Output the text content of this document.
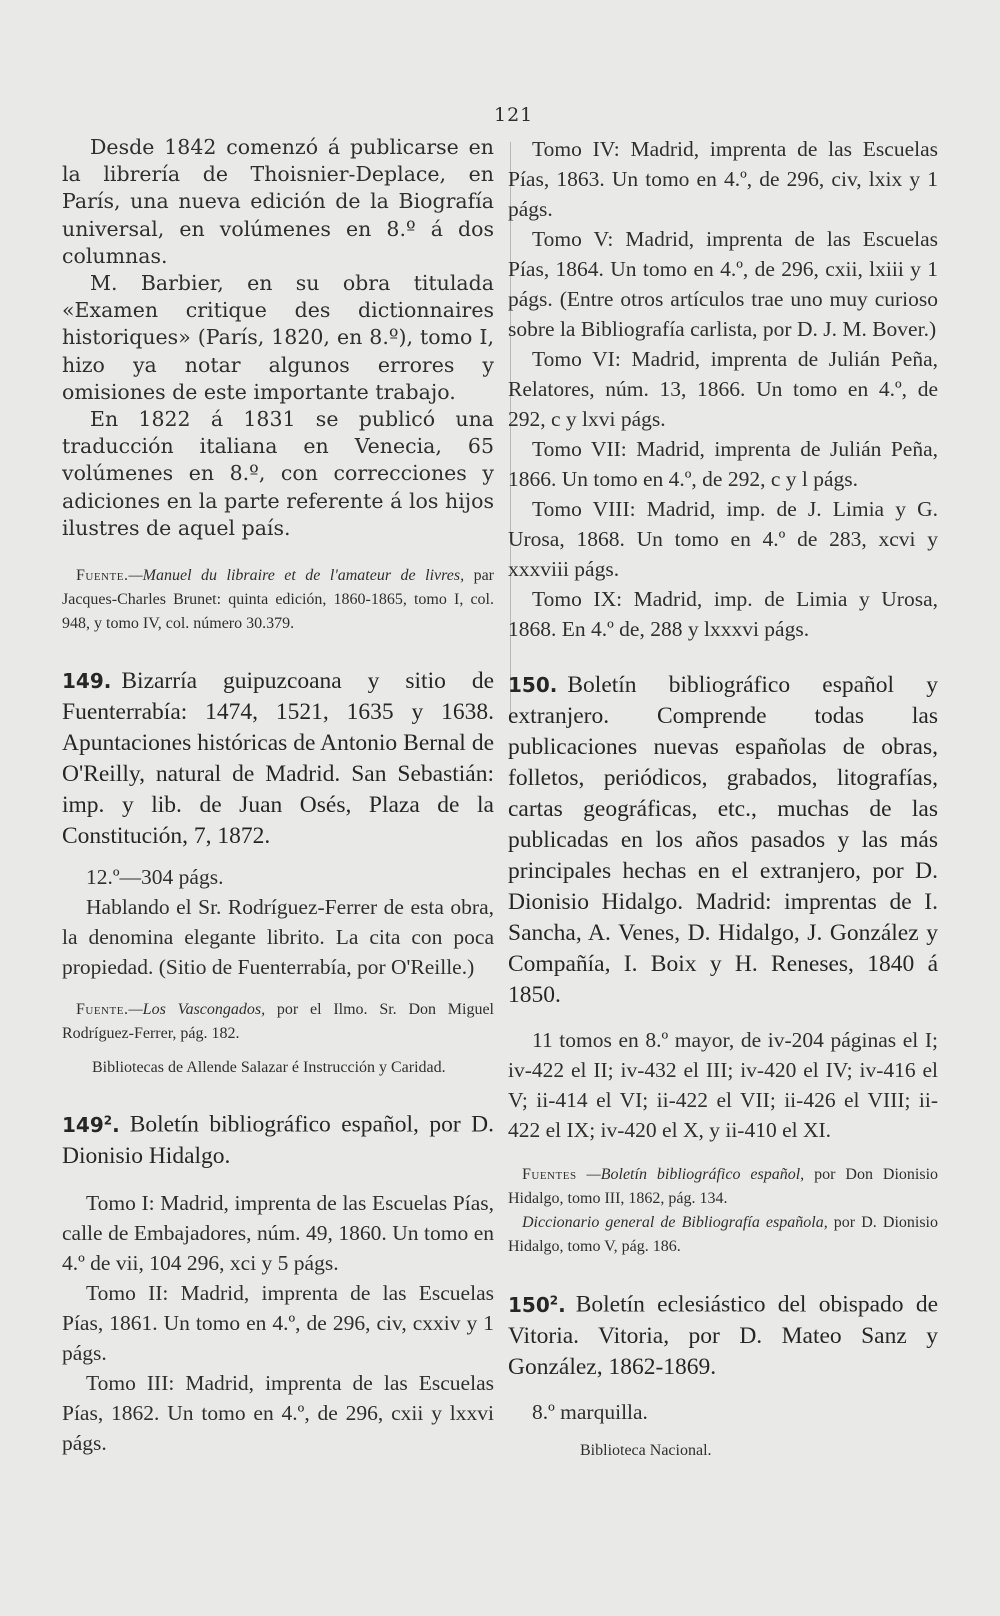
121

Desde 1842 comenzó á publicarse en la librería de Thoisnier-Deplace, en París, una nueva edición de la Biografía universal, en volúmenes en 8.º á dos columnas.

M. Barbier, en su obra titulada «Examen critique des dictionnaires historiques» (París, 1820, en 8.º), tomo I, hizo ya notar algunos errores y omisiones de este importante trabajo.

En 1822 á 1831 se publicó una traducción italiana en Venecia, 65 volúmenes en 8.º, con correcciones y adiciones en la parte referente á los hijos ilustres de aquel país.

Fuente.—Manuel du libraire et de l'amateur de livres, par Jacques-Charles Brunet: quinta edición, 1860-1865, tomo I, col. 948, y tomo IV, col. número 30.379.

149. Bizarría guipuzcoana y sitio de Fuenterrabía: 1474, 1521, 1635 y 1638. Apuntaciones históricas de Antonio Bernal de O'Reilly, natural de Madrid. San Sebastián: imp. y lib. de Juan Osés, Plaza de la Constitución, 7, 1872.

12.º—304 págs.

Hablando el Sr. Rodríguez-Ferrer de esta obra, la denomina elegante librito. La cita con poca propiedad. (Sitio de Fuenterrabía, por O'Reille.)

Fuente.—Los Vascongados, por el Ilmo. Sr. Don Miguel Rodríguez-Ferrer, pág. 182.

Bibliotecas de Allende Salazar é Instrucción y Caridad.

$149^2$. Boletín bibliográfico español, por D. Dionisio Hidalgo.

Tomo I: Madrid, imprenta de las Escuelas Pías, calle de Embajadores, núm. 49, 1860. Un tomo en 4.º de vii, 104 296, xci y 5 págs.

Tomo II: Madrid, imprenta de las Escuelas Pías, 1861. Un tomo en 4.º, de 296, civ, cxxiv y 1 págs.

Tomo III: Madrid, imprenta de las Escuelas Pías, 1862. Un tomo en 4.º, de 296, cxii y lxxvi págs.

Tomo IV: Madrid, imprenta de las Escuelas Pías, 1863. Un tomo en 4.º, de 296, civ, lxix y 1 págs.

Tomo V: Madrid, imprenta de las Escuelas Pías, 1864. Un tomo en 4.º, de 296, cxii, lxiii y 1 págs. (Entre otros artículos trae uno muy curioso sobre la Bibliografía carlista, por D. J. M. Bover.)

Tomo VI: Madrid, imprenta de Julián Peña, Relatores, núm. 13, 1866. Un tomo en 4.º, de 292, c y lxvi págs.

Tomo VII: Madrid, imprenta de Julián Peña, 1866. Un tomo en 4.º, de 292, c y l págs.

Tomo VIII: Madrid, imp. de J. Limia y G. Urosa, 1868. Un tomo en 4.º de 283, xcvi y xxxviii págs.

Tomo IX: Madrid, imp. de Limia y Urosa, 1868. En 4.º de, 288 y lxxxvi págs.

150. Boletín bibliográfico español y extranjero. Comprende todas las publicaciones nuevas españolas de obras, folletos, periódicos, grabados, litografías, cartas geográficas, etc., muchas de las publicadas en los años pasados y las más principales hechas en el extranjero, por D. Dionisio Hidalgo. Madrid: imprentas de I. Sancha, A. Venes, D. Hidalgo, J. González y Compañía, I. Boix y H. Reneses, 1840 á 1850.

11 tomos en 8.º mayor, de iv-204 páginas el I; iv-422 el II; iv-432 el III; iv-420 el IV; iv-416 el V; ii-414 el VI; ii-422 el VII; ii-426 el VIII; ii-422 el IX; iv-420 el X, y ii-410 el XI.

Fuentes —Boletín bibliográfico español, por Don Dionisio Hidalgo, tomo III, 1862, pág. 134.

Diccionario general de Bibliografía española, por D. Dionisio Hidalgo, tomo V, pág. 186.

$150^2$. Boletín eclesiástico del obispado de Vitoria. Vitoria, por D. Mateo Sanz y González, 1862-1869.

8.º marquilla.

Biblioteca Nacional.
